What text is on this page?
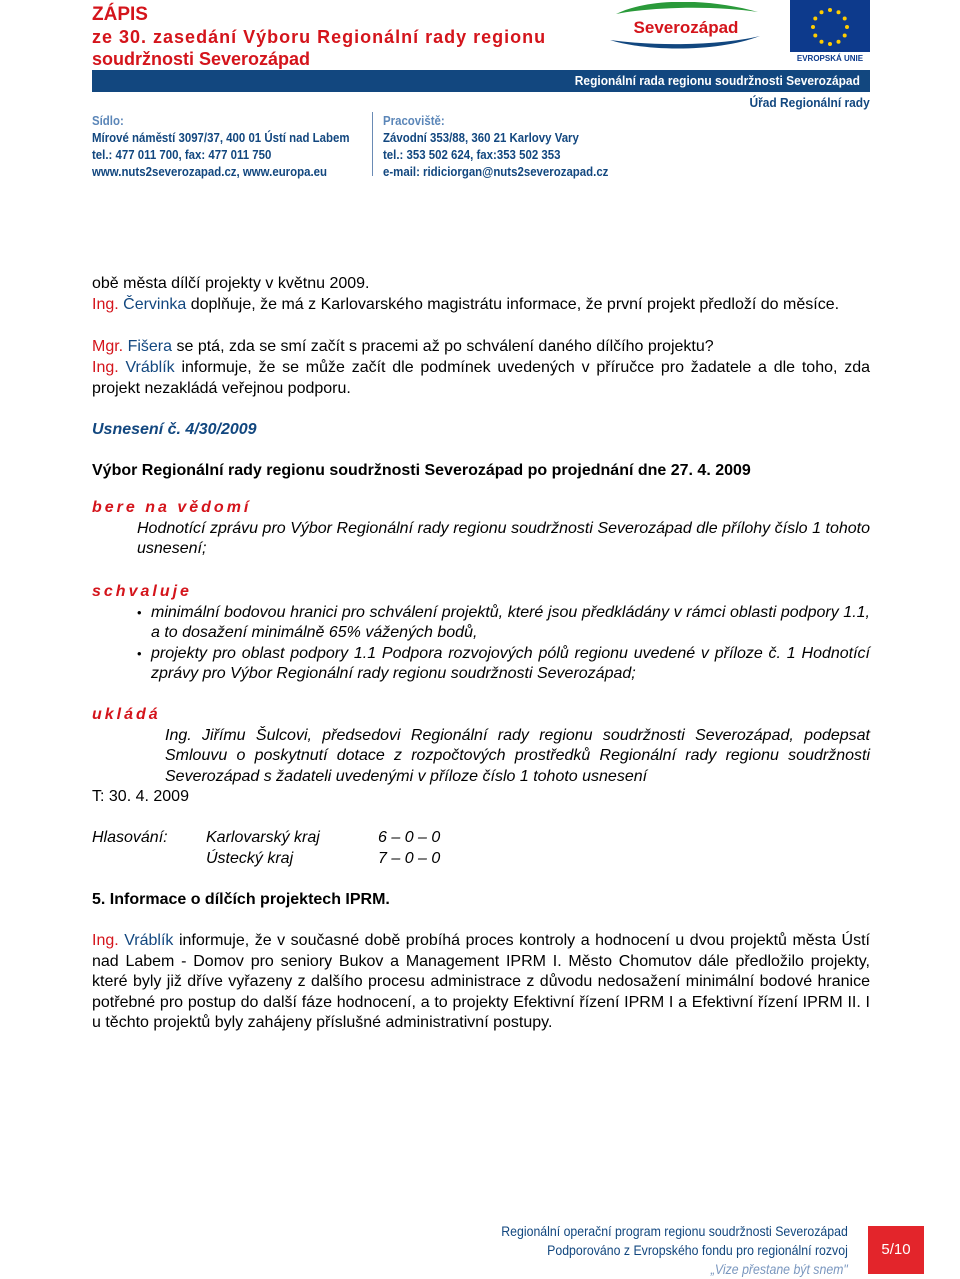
ZÁPIS
ze 30. zasedání Výboru Regionální rady regionu
soudržnosti Severozápad
Severozápad
EVROPSKÁ UNIE
Regionální rada regionu soudržnosti Severozápad
Úřad Regionální rady
Sídlo:
Mírové náměstí 3097/37, 400 01 Ústí nad Labem
tel.: 477 011 700, fax: 477 011 750
www.nuts2severozapad.cz, www.europa.eu
Pracoviště:
Závodní 353/88, 360 21 Karlovy Vary
tel.: 353 502 624, fax:353 502 353
e-mail: ridiciorgan@nuts2severozapad.cz
obě města dílčí projekty v květnu 2009.
Ing. Červinka doplňuje, že má z Karlovarského magistrátu informace, že první projekt předloží do měsíce.
Mgr. Fišera se ptá, zda se smí začít s pracemi až po schválení daného dílčího projektu?
Ing. Vráblík informuje, že se může začít dle podmínek uvedených v příručce pro žadatele a dle toho, zda projekt nezakládá veřejnou podporu.
Usnesení č. 4/30/2009
Výbor Regionální rady regionu soudržnosti Severozápad po projednání dne 27. 4. 2009
bere na vědomí
Hodnotící zprávu pro Výbor Regionální rady regionu soudržnosti Severozápad dle přílohy číslo 1 tohoto usnesení;
schvaluje
• minimální bodovou hranici pro schválení projektů, které jsou předkládány v rámci oblasti podpory 1.1, a to dosažení minimálně 65% vážených bodů,
• projekty pro oblast podpory 1.1 Podpora rozvojových pólů regionu uvedené v příloze č. 1 Hodnotící zprávy pro Výbor Regionální rady regionu soudržnosti Severozápad;
ukládá
Ing. Jiřímu Šulcovi, předsedovi Regionální rady regionu soudržnosti Severozápad, podepsat Smlouvu o poskytnutí dotace z rozpočtových prostředků Regionální rady regionu soudržnosti Severozápad s žadateli uvedenými v příloze číslo 1 tohoto usnesení
T: 30. 4. 2009
Hlasování: Karlovarský kraj	6 – 0 – 0
Ústecký kraj	7 – 0 – 0
5. Informace o dílčích projektech IPRM.
Ing. Vráblík informuje, že v současné době probíhá proces kontroly a hodnocení u dvou projektů města Ústí nad Labem - Domov pro seniory Bukov a Management IPRM I. Město Chomutov dále předložilo projekty, které byly již dříve vyřazeny z dalšího procesu administrace z důvodu nedosažení minimální bodové hranice potřebné pro postup do další fáze hodnocení, a to projekty Efektivní řízení IPRM I a Efektivní řízení IPRM II. I u těchto projektů byly zahájeny příslušné administrativní postupy.
Regionální operační program regionu soudržnosti Severozápad
Podporováno z Evropského fondu pro regionální rozvoj
„Vize přestane být snem"
5/10
